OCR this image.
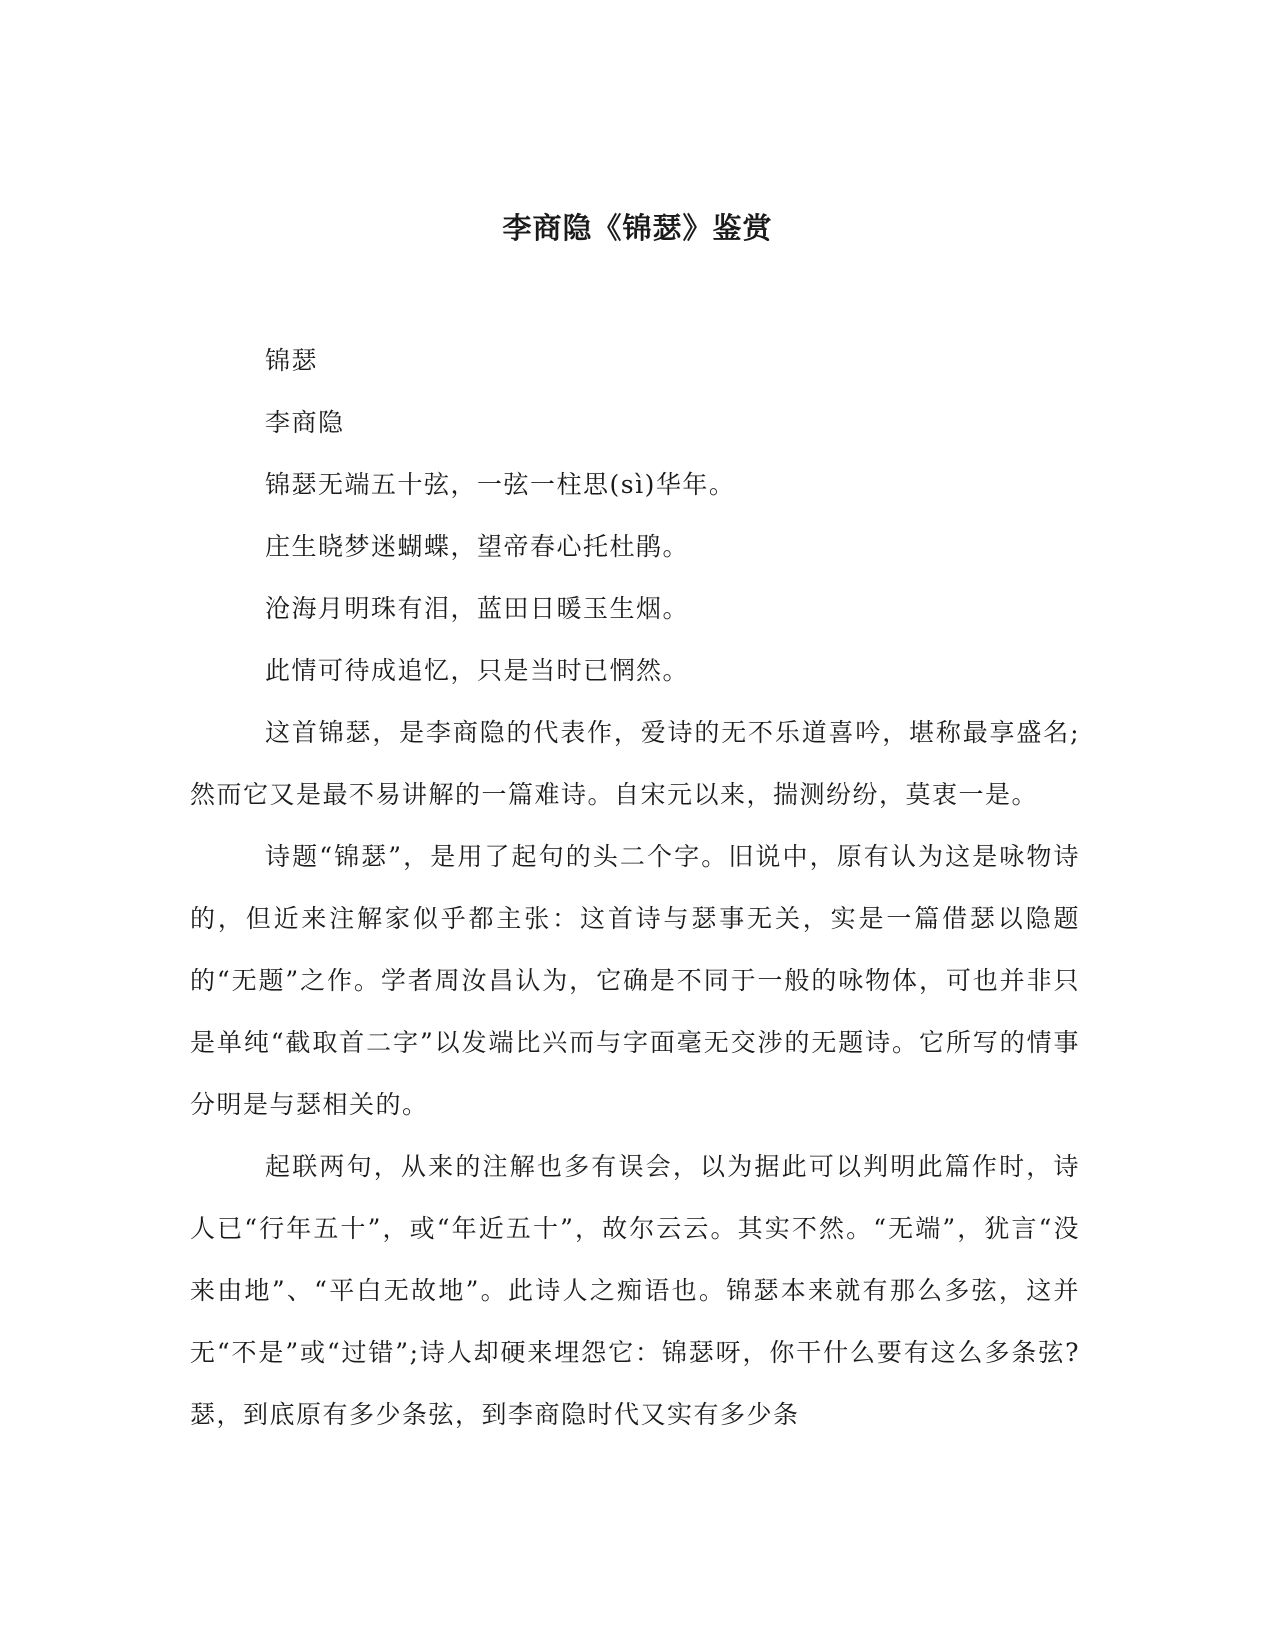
李商隐《锦瑟》鉴赏

锦瑟

李商隐

锦瑟无端五十弦，一弦一柱思(sì)华年。

庄生晓梦迷蝴蝶，望帝春心托杜鹃。

沧海月明珠有泪，蓝田日暖玉生烟。

此情可待成追忆，只是当时已惘然。

这首锦瑟，是李商隐的代表作，爱诗的无不乐道喜吟，堪称最享盛名;然而它又是最不易讲解的一篇难诗。自宋元以来，揣测纷纷，莫衷一是。

诗题“锦瑟”，是用了起句的头二个字。旧说中，原有认为这是咏物诗的，但近来注解家似乎都主张：这首诗与瑟事无关，实是一篇借瑟以隐题的“无题”之作。学者周汝昌认为，它确是不同于一般的咏物体，可也并非只是单纯“截取首二字”以发端比兴而与字面毫无交涉的无题诗。它所写的情事分明是与瑟相关的。

起联两句，从来的注解也多有误会，以为据此可以判明此篇作时，诗人已“行年五十”，或“年近五十”，故尔云云。其实不然。“无端”，犹言“没来由地”、“平白无故地”。此诗人之痴语也。锦瑟本来就有那么多弦，这并无“不是”或“过错”;诗人却硬来埋怨它：锦瑟呀，你干什么要有这么多条弦?瑟，到底原有多少条弦，到李商隐时代又实有多少条
